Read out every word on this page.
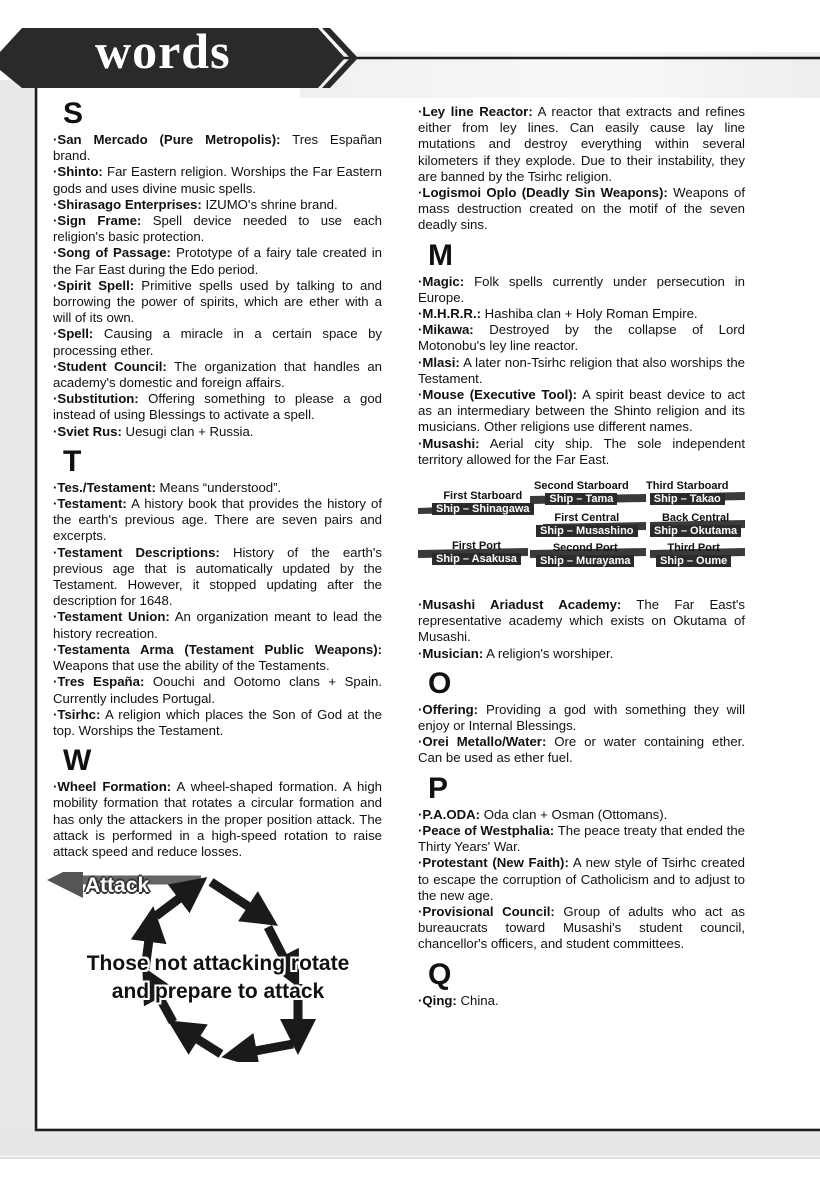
words
S

·San Mercado (Pure Metropolis): Tres Españan brand.

·Shinto: Far Eastern religion. Worships the Far Eastern gods and uses divine music spells.

·Shirasago Enterprises: IZUMO's shrine brand.

·Sign Frame: Spell device needed to use each religion's basic protection.

·Song of Passage: Prototype of a fairy tale created in the Far East during the Edo period.

·Spirit Spell: Primitive spells used by talking to and borrowing the power of spirits, which are ether with a will of its own.

·Spell: Causing a miracle in a certain space by processing ether.

·Student Council: The organization that handles an academy's domestic and foreign affairs.

·Substitution: Offering something to please a god instead of using Blessings to activate a spell.

·Sviet Rus: Uesugi clan + Russia.

T

·Tes./Testament: Means “understood”.

·Testament: A history book that provides the history of the earth's previous age. There are seven pairs and excerpts.

·Testament Descriptions: History of the earth's previous age that is automatically updated by the Testament. However, it stopped updating after the description for 1648.

·Testament Union: An organization meant to lead the history recreation.

·Testamenta Arma (Testament Public Weapons): Weapons that use the ability of the Testaments.

·Tres España: Oouchi and Ootomo clans + Spain. Currently includes Portugal.

·Tsirhc: A religion which places the Son of God at the top. Worships the Testament.

W

·Wheel Formation: A wheel-shaped formation. A high mobility formation that rotates a circular formation and has only the attackers in the proper position attack. The attack is performed in a high-speed rotation to raise attack speed and reduce losses.

Attack
Those not attacking rotate
and prepare to attack

·Ley line Reactor: A reactor that extracts and refines either from ley lines. Can easily cause lay line mutations and destroy everything within several kilometers if they explode. Due to their instability, they are banned by the Tsirhc religion.

·Logismoi Oplo (Deadly Sin Weapons): Weapons of mass destruction created on the motif of the seven deadly sins.

M

·Magic: Folk spells currently under persecution in Europe.

·M.H.R.R.: Hashiba clan + Holy Roman Empire.

·Mikawa: Destroyed by the collapse of Lord Motonobu's ley line reactor.

·Mlasi: A later non-Tsirhc religion that also worships the Testament.

·Mouse (Executive Tool): A spirit beast device to act as an intermediary between the Shinto religion and its musicians. Other religions use different names.

·Musashi: Aerial city ship. The sole independent territory allowed for the Far East.

First Starboard
Ship – Shinagawa
Second Starboard
Ship – Tama
Third Starboard
Ship – Takao
First Central
Ship – Musashino
Back Central
Ship – Okutama
First Port
Ship – Asakusa
Second Port
Ship – Murayama
Third Port
Ship – Oume

·Musashi Ariadust Academy: The Far East's representative academy which exists on Okutama of Musashi.

·Musician: A religion's worshiper.

O

·Offering: Providing a god with something they will enjoy or Internal Blessings.

·Orei Metallo/Water: Ore or water containing ether. Can be used as ether fuel.

P

·P.A.ODA: Oda clan + Osman (Ottomans).

·Peace of Westphalia: The peace treaty that ended the Thirty Years' War.

·Protestant (New Faith): A new style of Tsirhc created to escape the corruption of Catholicism and to adjust to the new age.

·Provisional Council: Group of adults who act as bureaucrats toward Musashi's student council, chancellor's officers, and student committees.

Q

·Qing: China.
